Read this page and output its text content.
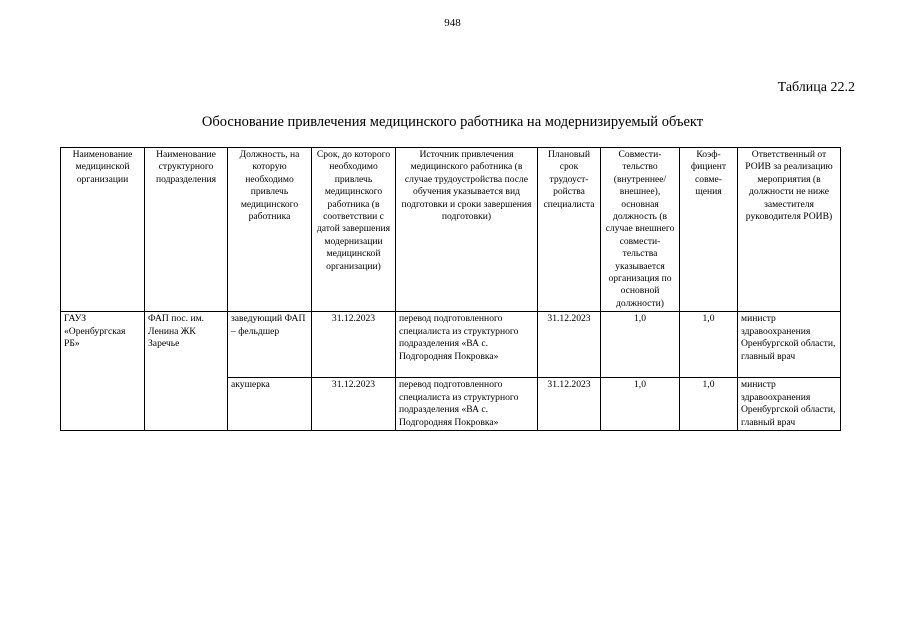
948
Таблица 22.2
Обоснование привлечения медицинского работника на модернизируемый объект
Наименование медицинской организации	Наименование структурного подразделения	Должность, на которую необходимо привлечь медицинского работника	Срок, до которого необходимо привлечь медицинского работника (в соответствии с датой завершения модернизации медицинской организации)	Источник привлечения медицинского работника (в случае трудоустройства после обучения указывается вид подготовки и сроки завершения подготовки)	Плановый срок трудоуст-ройства специалиста	Совмести-тельство (внутреннее/ внешнее), основная должность (в случае внешнего совмести-тельства указывается организация по основной должности)	Коэф-фициент совме-щения	Ответственный от РОИВ за реализацию мероприятия (в должности не ниже заместителя руководителя РОИВ)
ГАУЗ «Оренбургская РБ»	ФАП пос. им. Ленина ЖК Заречье	заведующий ФАП – фельдшер	31.12.2023	перевод подготовленного специалиста из структурного подразделения «ВА с. Подгородняя Покровка»	31.12.2023	1,0	1,0	министр здравоохранения Оренбургской области, главный врач
		акушерка	31.12.2023	перевод подготовленного специалиста из структурного подразделения «ВА с. Подгородняя Покровка»	31.12.2023	1,0	1,0	министр здравоохранения Оренбургской области, главный врач
